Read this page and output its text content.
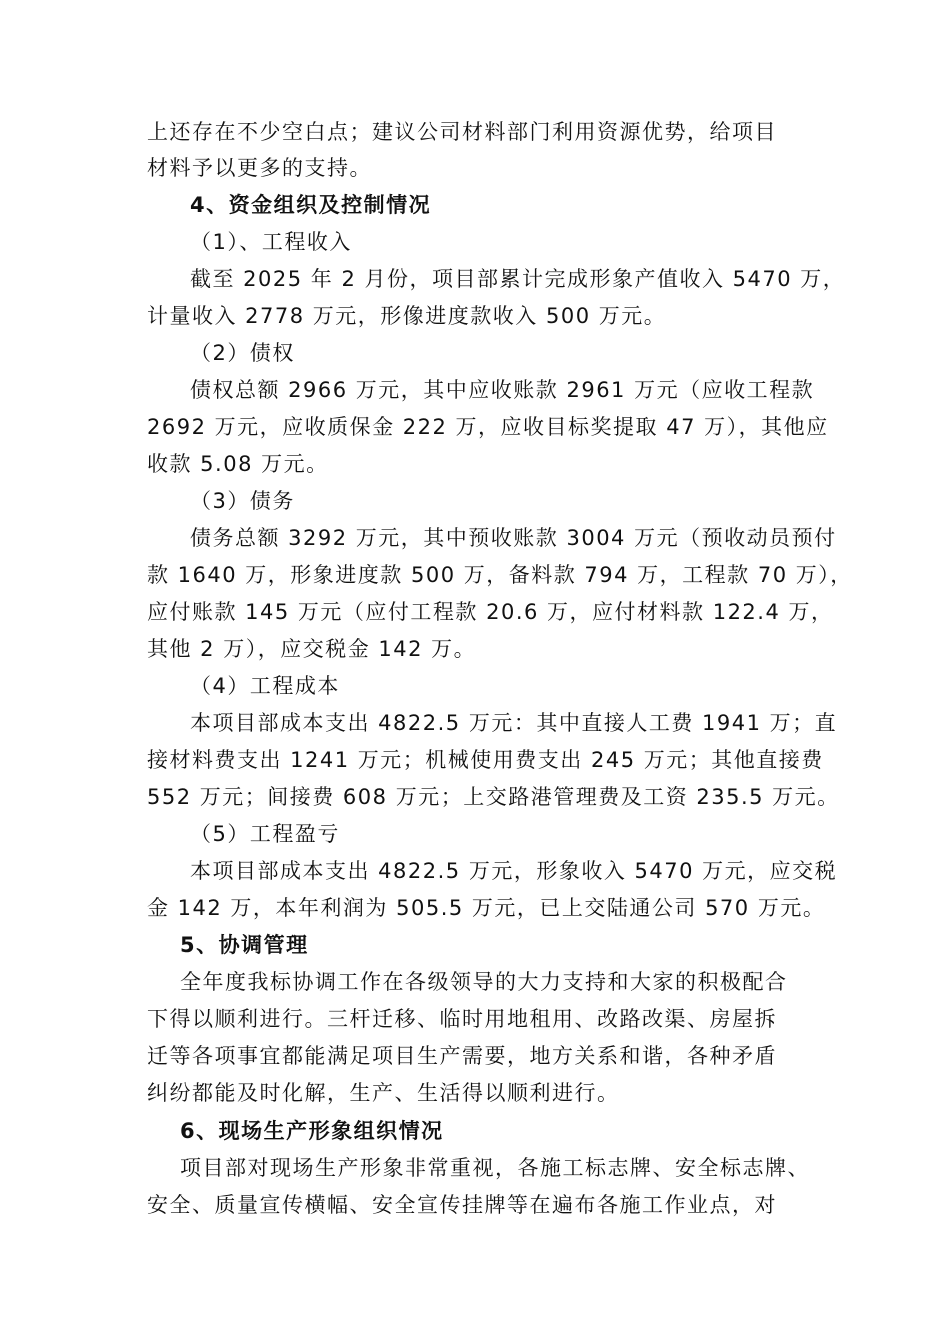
上还存在不少空白点；建议公司材料部门利用资源优势，给项目
材料予以更多的支持。
4、资金组织及控制情况
（1）、工程收入
截至 2025 年 2 月份，项目部累计完成形象产值收入 5470 万，
计量收入 2778 万元，形像进度款收入 500 万元。
（2）债权
债权总额 2966 万元，其中应收账款 2961 万元（应收工程款
2692 万元，应收质保金 222 万，应收目标奖提取 47 万），其他应
收款 5.08 万元。
（3）债务
债务总额 3292 万元，其中预收账款 3004 万元（预收动员预付
款 1640 万，形象进度款 500 万，备料款 794 万，工程款 70 万），
应付账款 145 万元（应付工程款 20.6 万，应付材料款 122.4 万，
其他 2 万），应交税金 142 万。
（4）工程成本
本项目部成本支出 4822.5 万元：其中直接人工费 1941 万；直
接材料费支出 1241 万元；机械使用费支出 245 万元；其他直接费
552 万元；间接费 608 万元；上交路港管理费及工资 235.5 万元。
（5）工程盈亏
本项目部成本支出 4822.5 万元，形象收入 5470 万元，应交税
金 142 万，本年利润为 505.5 万元，已上交陆通公司 570 万元。
5、协调管理
全年度我标协调工作在各级领导的大力支持和大家的积极配合
下得以顺利进行。三杆迁移、临时用地租用、改路改渠、房屋拆
迁等各项事宜都能满足项目生产需要，地方关系和谐，各种矛盾
纠纷都能及时化解，生产、生活得以顺利进行。
6、现场生产形象组织情况
项目部对现场生产形象非常重视，各施工标志牌、安全标志牌、
安全、质量宣传横幅、安全宣传挂牌等在遍布各施工作业点，对
